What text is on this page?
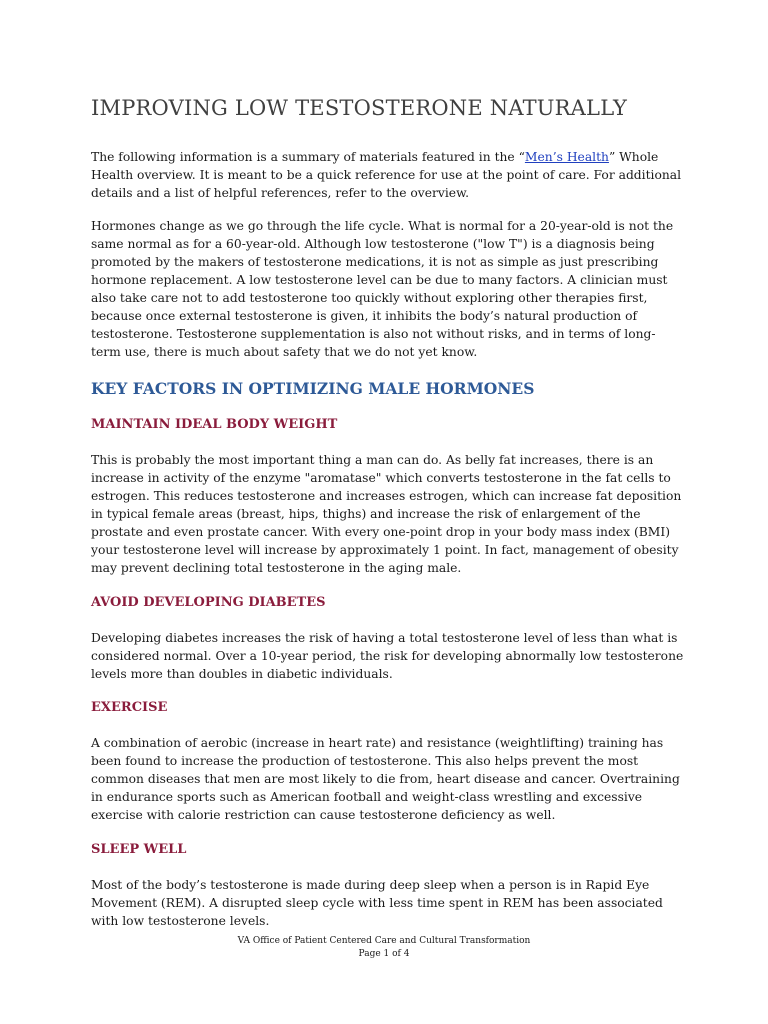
IMPROVING LOW TESTOSTERONE NATURALLY

The following information is a summary of materials featured in the “Men’s Health” Whole Health overview. It is meant to be a quick reference for use at the point of care. For additional details and a list of helpful references, refer to the overview.

Hormones change as we go through the life cycle. What is normal for a 20-year-old is not the same normal as for a 60-year-old. Although low testosterone ("low T") is a diagnosis being promoted by the makers of testosterone medications, it is not as simple as just prescribing hormone replacement. A low testosterone level can be due to many factors. A clinician must also take care not to add testosterone too quickly without exploring other therapies first, because once external testosterone is given, it inhibits the body’s natural production of testosterone. Testosterone supplementation is also not without risks, and in terms of long-term use, there is much about safety that we do not yet know.

KEY FACTORS IN OPTIMIZING MALE HORMONES
MAINTAIN IDEAL BODY WEIGHT

This is probably the most important thing a man can do. As belly fat increases, there is an increase in activity of the enzyme "aromatase" which converts testosterone in the fat cells to estrogen. This reduces testosterone and increases estrogen, which can increase fat deposition in typical female areas (breast, hips, thighs) and increase the risk of enlargement of the prostate and even prostate cancer. With every one-point drop in your body mass index (BMI) your testosterone level will increase by approximately 1 point. In fact, management of obesity may prevent declining total testosterone in the aging male.

AVOID DEVELOPING DIABETES

Developing diabetes increases the risk of having a total testosterone level of less than what is considered normal. Over a 10-year period, the risk for developing abnormally low testosterone levels more than doubles in diabetic individuals.

EXERCISE

A combination of aerobic (increase in heart rate) and resistance (weightlifting) training has been found to increase the production of testosterone. This also helps prevent the most common diseases that men are most likely to die from, heart disease and cancer. Overtraining in endurance sports such as American football and weight-class wrestling and excessive exercise with calorie restriction can cause testosterone deficiency as well.

SLEEP WELL

Most of the body’s testosterone is made during deep sleep when a person is in Rapid Eye Movement (REM). A disrupted sleep cycle with less time spent in REM has been associated with low testosterone levels.

VA Office of Patient Centered Care and Cultural Transformation
Page 1 of 4
